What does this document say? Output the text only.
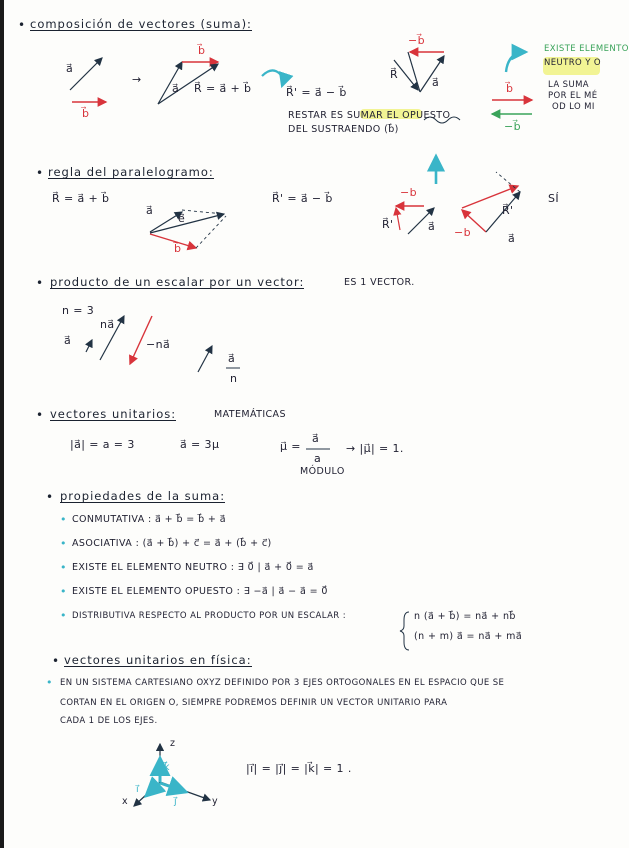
• composición de vectores (suma):
a⃗
b⃗
→
b⃗
a⃗ R⃗ = a⃗ + b⃗	R⃗' = a⃗ − b⃗
−b⃗
R⃗
a⃗
RESTAR ES SUMAR EL OPUESTO
DEL SUSTRAENDO (b⃗)
EXISTE ELEMENTO
NEUTRO Y O
LA SUMA
POR EL MÉ
OD LO MI
b⃗
−b⃗
• regla del paralelogramo:
R⃗ = a⃗ + b⃗	R⃗' = a⃗ − b⃗
a⃗
e⃗
b⃗
−b
R⃗'	a⃗ −b
R⃗'
a⃗
SÍ
• producto de un escalar por un vector:	ES 1 VECTOR.
n = 3
na⃗
a⃗	−na⃗
a⃗
n
• vectores unitarios:	MATEMÁTICAS
|a⃗| = a = 3	a⃗ = 3μ	μ⃗ =
a⃗
a
MÓDULO
→ |μ⃗| = 1.
• propiedades de la suma:
• CONMUTATIVA : a⃗ + b⃗ = b⃗ + a⃗
• ASOCIATIVA : (a⃗ + b⃗) + c⃗ = a⃗ + (b⃗ + c⃗)
• EXISTE EL ELEMENTO NEUTRO : ∃ 0⃗ | a⃗ + 0⃗ = a⃗
• EXISTE EL ELEMENTO OPUESTO : ∃ −a⃗ | a⃗ − a⃗ = 0⃗
• DISTRIBUTIVA RESPECTO AL PRODUCTO POR UN ESCALAR :	n (a⃗ + b⃗) = na⃗ + nb⃗
(n + m) a⃗ = na⃗ + ma⃗
• vectores unitarios en física:
• EN UN SISTEMA CARTESIANO OXYZ DEFINIDO POR 3 EJES ORTOGONALES EN EL ESPACIO QUE SE
CORTAN EN EL ORIGEN O, SIEMPRE PODREMOS DEFINIR UN VECTOR UNITARIO PARA
CADA 1 DE LOS EJES.
z
y
x
k⃗
j⃗
i⃗
|i⃗| = |j⃗| = |k⃗| = 1 .
